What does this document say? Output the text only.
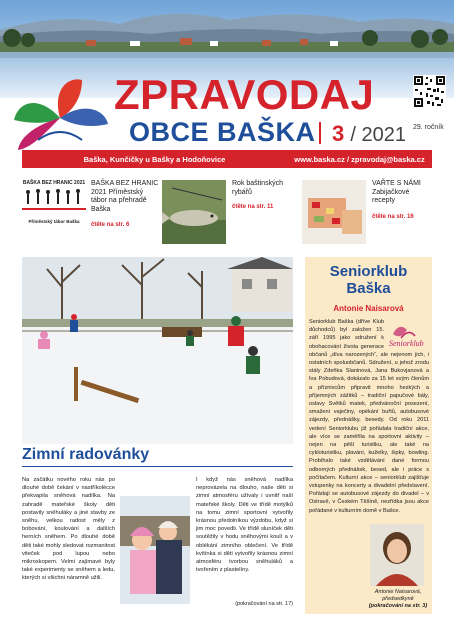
ZPRAVODAJ
OBCE BAŠKA 3 / 2021 29. ročník
Baška, Kunčičky u Bašky a Hodoňovice	www.baska.cz / zpravodaj@baska.cz
BAŠKA BEZ HRANIC 2021
Příměstský tábor Baška
BAŠKA BEZ HRANIC 2021 Příměstský tábor na přehradě Baška
čtěte na str. 6
Rok baštinských rybářů
čtěte na str. 11
VAŘTE S NÁMI Zabijačkové recepty
čtěte na str. 16
Zimní radovánky
Na začátku nového roku nás po dlouhé době čekání v nastříkolécce překvapila sněhová nadílka. Na zahradě mateřské školy děti postavily sněhuláky a jiné stavby ze sněhu, velkou radost měly z bobování, koulování a dalších herních sněhem. Po dlouhé době děti také mohly sledovat rozmanitost viteček pod lupou nebo mikroskopem. Velmi zajímavé byly také experimenty se sněhem a ledu, kterých si všichni náramně užili.
I když nás sněhová nadílka neprovázela na dlouho, naše děti si zimní atmosféru užívaly i uvnitř naší mateřské školy. Děti ve třídě motýlků na tomu zimní sportovní vytvořily krásnou předolníkou výzdobu, když si jim moc povedli. Ve třídě sluníček děti soutěžily v hodu sněhovými koulí a v oblékání zimního oblečení. Ve třídě kvítínka si děti vytvořily krásnou zimní atmosféru tvorbou sněhuláků a tvořením z plastelíny.
(pokračování na str. 17)
Seniorklub
Baška
Antonie Naisarová
Seniorklub
Seniorklub Baška (dříve Klub důchodců) byl založen 15. září 1995 jako sdružení k obohacování života generace občanů „díva narozených“, ale nejenom jich, i ostatních spoluobčanů. Sdružení, u jehož zrodu stály Zdeňka Slaninová, Jana Bukovjanová a Iva Pobudová, dokázalo za 15 let svým členům a příznivcům připravit mnoho hezkých a příjemných zážitků – tradiční papučové bály, oslavy Světků matek, předvánoční posezení, smažení vaječiny, opékání buřtů, autobusové zájezdy, přednášky, besedy. Od roku 2011 vedení Seniorklubu již pořádala tradiční akce, ale více se zaměřila na sportovní aktivity – nejen na pěší turistiku, ale také na cykloturistiku, plavání, kuželky, šipky, bowling. Probíhalo také vzdělávání dané formou odborných přednášek, besed, ale i práce s počítačem. Kulturní akce – seniorklub zajišťuje vstupenky na koncerty a divadelní představení. Pořádají se autobusové zájezdy do divadel – v Ostravě, v Českém Těšíně, nezřídka jsou akce pořádané v kulturním domě v Bašce.
Antonie Naisarová, předsedkyně
(pokračování na str. 3)
